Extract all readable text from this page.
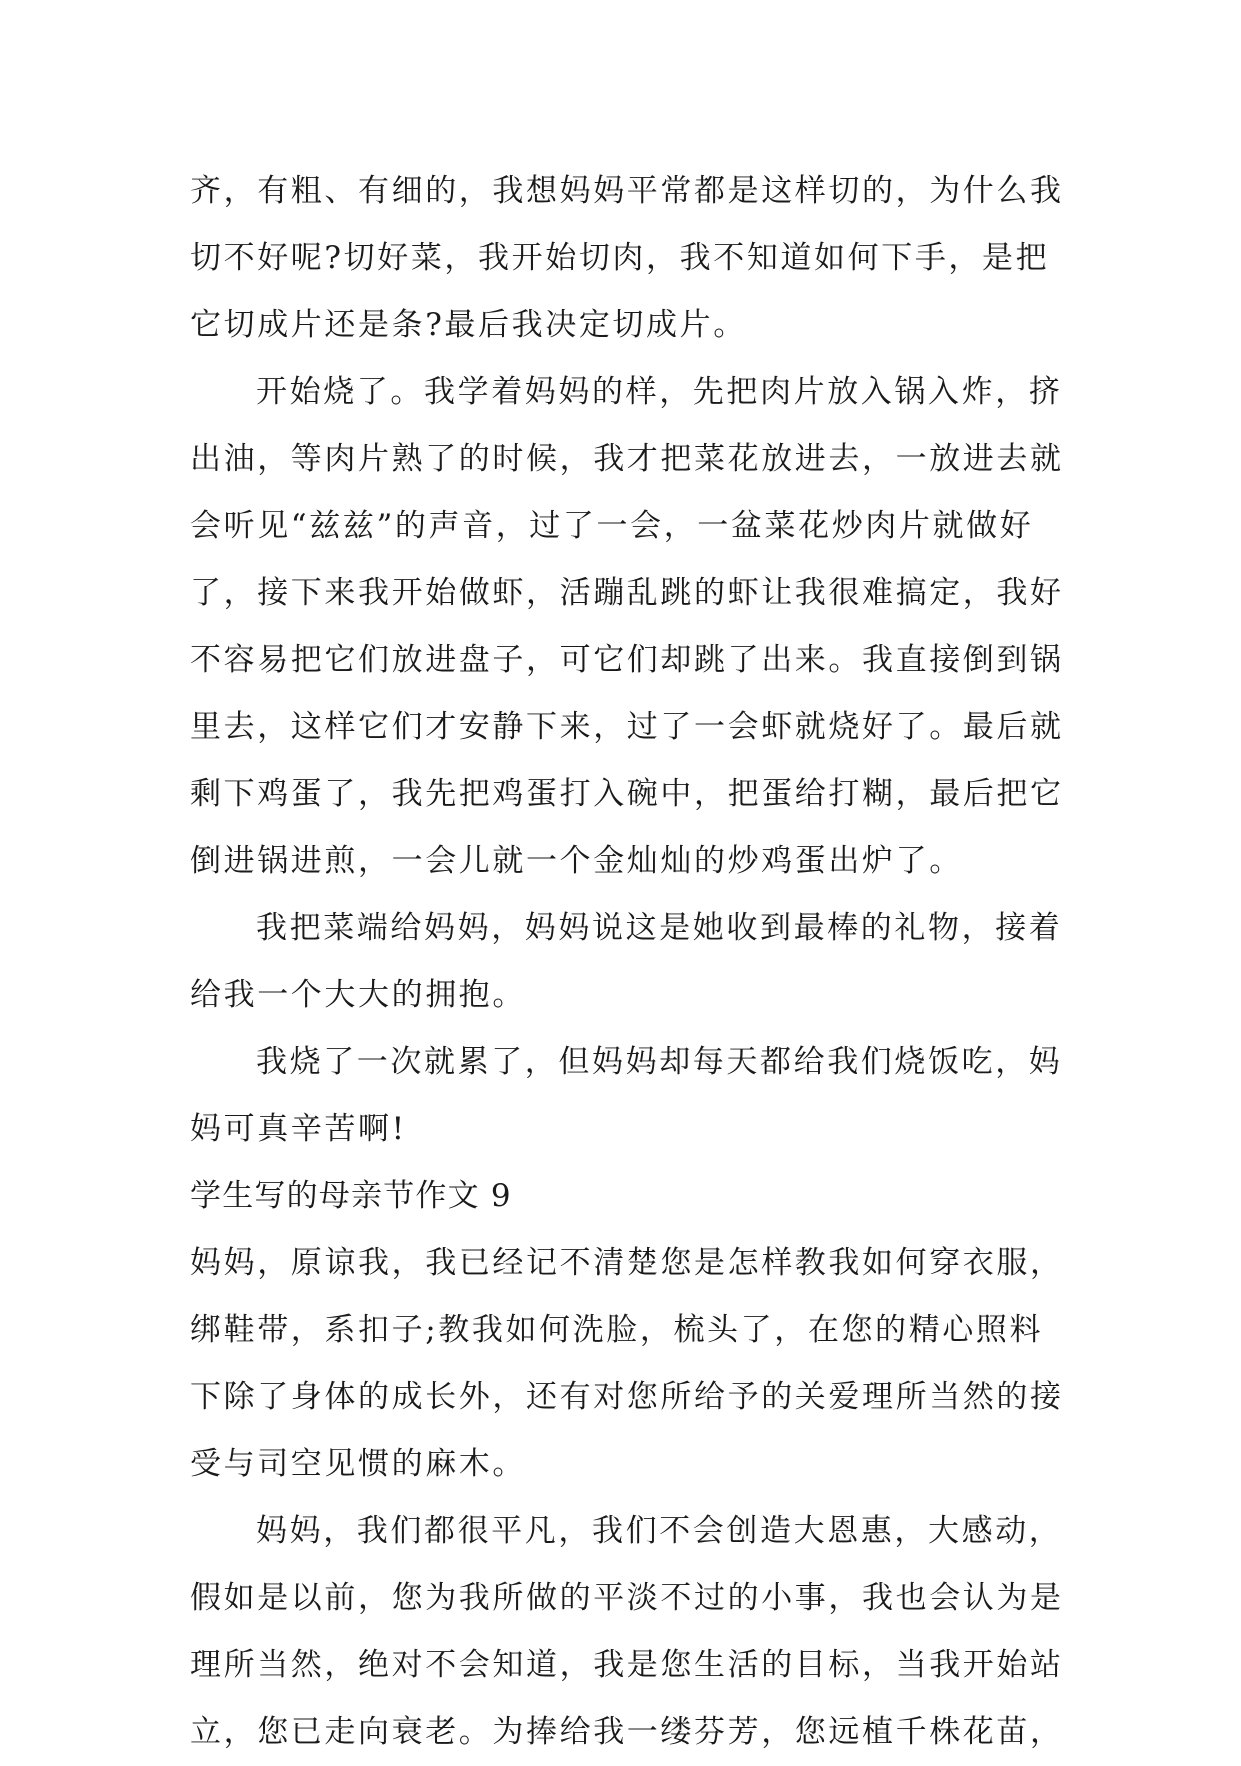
齐，有粗、有细的，我想妈妈平常都是这样切的，为什么我
切不好呢?切好菜，我开始切肉，我不知道如何下手，是把
它切成片还是条?最后我决定切成片。
开始烧了。我学着妈妈的样，先把肉片放入锅入炸，挤
出油，等肉片熟了的时候，我才把菜花放进去，一放进去就
会听见“兹兹”的声音，过了一会，一盆菜花炒肉片就做好
了，接下来我开始做虾，活蹦乱跳的虾让我很难搞定，我好
不容易把它们放进盘子，可它们却跳了出来。我直接倒到锅
里去，这样它们才安静下来，过了一会虾就烧好了。最后就
剩下鸡蛋了，我先把鸡蛋打入碗中，把蛋给打糊，最后把它
倒进锅进煎，一会儿就一个金灿灿的炒鸡蛋出炉了。
我把菜端给妈妈，妈妈说这是她收到最棒的礼物，接着
给我一个大大的拥抱。
我烧了一次就累了，但妈妈却每天都给我们烧饭吃，妈
妈可真辛苦啊!
学生写的母亲节作文 9
妈妈，原谅我，我已经记不清楚您是怎样教我如何穿衣服，
绑鞋带，系扣子;教我如何洗脸，梳头了，在您的精心照料
下除了身体的成长外，还有对您所给予的关爱理所当然的接
受与司空见惯的麻木。
妈妈，我们都很平凡，我们不会创造大恩惠，大感动，
假如是以前，您为我所做的平淡不过的小事，我也会认为是
理所当然，绝对不会知道，我是您生活的目标，当我开始站
立，您已走向衰老。为捧给我一缕芬芳，您远植千株花苗，
